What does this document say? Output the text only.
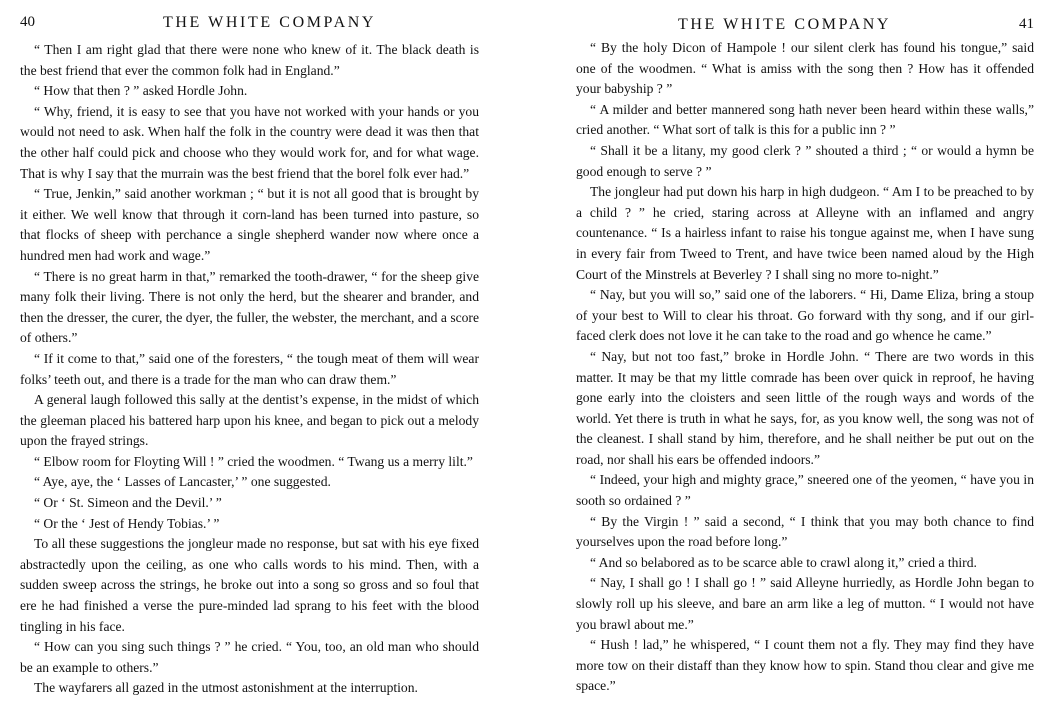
40	THE WHITE COMPANY

“ Then I am right glad that there were none who knew of it. The black death is the best friend that ever the common folk had in England.”

“ How that then ? ” asked Hordle John.

“ Why, friend, it is easy to see that you have not worked with your hands or you would not need to ask. When half the folk in the country were dead it was then that the other half could pick and choose who they would work for, and for what wage. That is why I say that the murrain was the best friend that the borel folk ever had.”

“ True, Jenkin,” said another workman ; “ but it is not all good that is brought by it either. We well know that through it corn-land has been turned into pasture, so that flocks of sheep with perchance a single shepherd wander now where once a hundred men had work and wage.”

“ There is no great harm in that,” remarked the tooth-drawer, “ for the sheep give many folk their living. There is not only the herd, but the shearer and brander, and then the dresser, the curer, the dyer, the fuller, the webster, the merchant, and a score of others.”

“ If it come to that,” said one of the foresters, “ the tough meat of them will wear folks’ teeth out, and there is a trade for the man who can draw them.”

A general laugh followed this sally at the dentist’s expense, in the midst of which the gleeman placed his battered harp upon his knee, and began to pick out a melody upon the frayed strings.

“ Elbow room for Floyting Will ! ” cried the woodmen. “ Twang us a merry lilt.”

“ Aye, aye, the ‘ Lasses of Lancaster,’ ” one suggested.

“ Or ‘ St. Simeon and the Devil.’ ”

“ Or the ‘ Jest of Hendy Tobias.’ ”

To all these suggestions the jongleur made no response, but sat with his eye fixed abstractedly upon the ceiling, as one who calls words to his mind. Then, with a sudden sweep across the strings, he broke out into a song so gross and so foul that ere he had finished a verse the pure-minded lad sprang to his feet with the blood tingling in his face.

“ How can you sing such things ? ” he cried. “ You, too, an old man who should be an example to others.”

The wayfarers all gazed in the utmost astonishment at the interruption.

THE WHITE COMPANY	41

“ By the holy Dicon of Hampole ! our silent clerk has found his tongue,” said one of the woodmen. “ What is amiss with the song then ? How has it offended your babyship ? ”

“ A milder and better mannered song hath never been heard within these walls,” cried another. “ What sort of talk is this for a public inn ? ”

“ Shall it be a litany, my good clerk ? ” shouted a third ; “ or would a hymn be good enough to serve ? ”

The jongleur had put down his harp in high dudgeon. “ Am I to be preached to by a child ? ” he cried, staring across at Alleyne with an inflamed and angry countenance. “ Is a hairless infant to raise his tongue against me, when I have sung in every fair from Tweed to Trent, and have twice been named aloud by the High Court of the Minstrels at Beverley ? I shall sing no more to-night.”

“ Nay, but you will so,” said one of the laborers. “ Hi, Dame Eliza, bring a stoup of your best to Will to clear his throat. Go forward with thy song, and if our girl-faced clerk does not love it he can take to the road and go whence he came.”

“ Nay, but not too fast,” broke in Hordle John. “ There are two words in this matter. It may be that my little comrade has been over quick in reproof, he having gone early into the cloisters and seen little of the rough ways and words of the world. Yet there is truth in what he says, for, as you know well, the song was not of the cleanest. I shall stand by him, therefore, and he shall neither be put out on the road, nor shall his ears be offended indoors.”

“ Indeed, your high and mighty grace,” sneered one of the yeomen, “ have you in sooth so ordained ? ”

“ By the Virgin ! ” said a second, “ I think that you may both chance to find yourselves upon the road before long.”

“ And so belabored as to be scarce able to crawl along it,” cried a third.

“ Nay, I shall go ! I shall go ! ” said Alleyne hurriedly, as Hordle John began to slowly roll up his sleeve, and bare an arm like a leg of mutton. “ I would not have you brawl about me.”

“ Hush ! lad,” he whispered, “ I count them not a fly. They may find they have more tow on their distaff than they know how to spin. Stand thou clear and give me space.”
